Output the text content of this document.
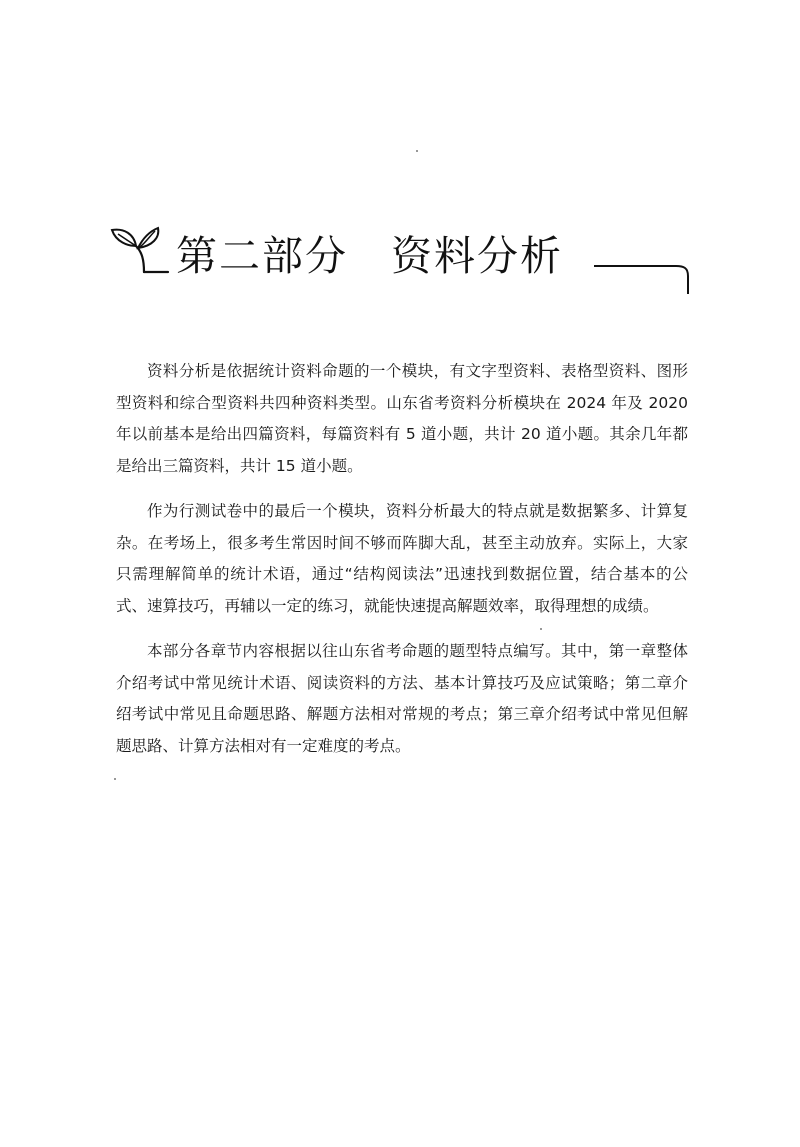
第二部分　资料分析

资料分析是依据统计资料命题的一个模块，有文字型资料、表格型资料、图形型资料和综合型资料共四种资料类型。山东省考资料分析模块在 2024 年及 2020 年以前基本是给出四篇资料，每篇资料有 5 道小题，共计 20 道小题。其余几年都是给出三篇资料，共计 15 道小题。

作为行测试卷中的最后一个模块，资料分析最大的特点就是数据繁多、计算复杂。在考场上，很多考生常因时间不够而阵脚大乱，甚至主动放弃。实际上，大家只需理解简单的统计术语，通过“结构阅读法”迅速找到数据位置，结合基本的公式、速算技巧，再辅以一定的练习，就能快速提高解题效率，取得理想的成绩。

本部分各章节内容根据以往山东省考命题的题型特点编写。其中，第一章整体介绍考试中常见统计术语、阅读资料的方法、基本计算技巧及应试策略；第二章介绍考试中常见且命题思路、解题方法相对常规的考点；第三章介绍考试中常见但解题思路、计算方法相对有一定难度的考点。
